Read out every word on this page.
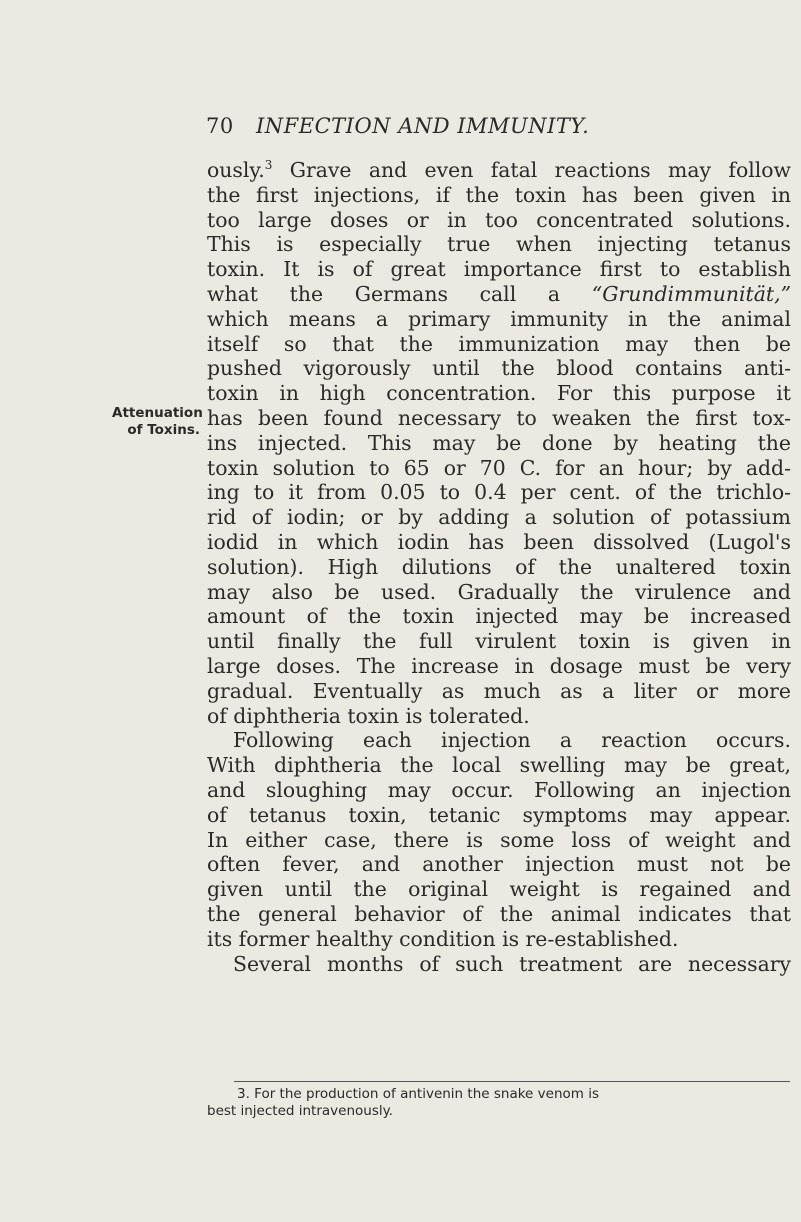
70 INFECTION AND IMMUNITY.
Attenuation
of Toxins.
ously.$^3$ Grave and even fatal reactions may follow
the first injections, if the toxin has been given in
too large doses or in too concentrated solutions.
This is especially true when injecting tetanus
toxin. It is of great importance first to establish
what the Germans call a “Grundimmunität,”
which means a primary immunity in the animal
itself so that the immunization may then be
pushed vigorously until the blood contains anti-
toxin in high concentration. For this purpose it
has been found necessary to weaken the first tox-
ins injected. This may be done by heating the
toxin solution to 65 or 70 C. for an hour; by add-
ing to it from 0.05 to 0.4 per cent. of the trichlo-
rid of iodin; or by adding a solution of potassium
iodid in which iodin has been dissolved (Lugol's
solution). High dilutions of the unaltered toxin
may also be used. Gradually the virulence and
amount of the toxin injected may be increased
until finally the full virulent toxin is given in
large doses. The increase in dosage must be very
gradual. Eventually as much as a liter or more
of diphtheria toxin is tolerated.
Following each injection a reaction occurs.
With diphtheria the local swelling may be great,
and sloughing may occur. Following an injection
of tetanus toxin, tetanic symptoms may appear.
In either case, there is some loss of weight and
often fever, and another injection must not be
given until the original weight is regained and
the general behavior of the animal indicates that
its former healthy condition is re-established.
Several months of such treatment are necessary
3. For the production of antivenin the snake venom is
best injected intravenously.
